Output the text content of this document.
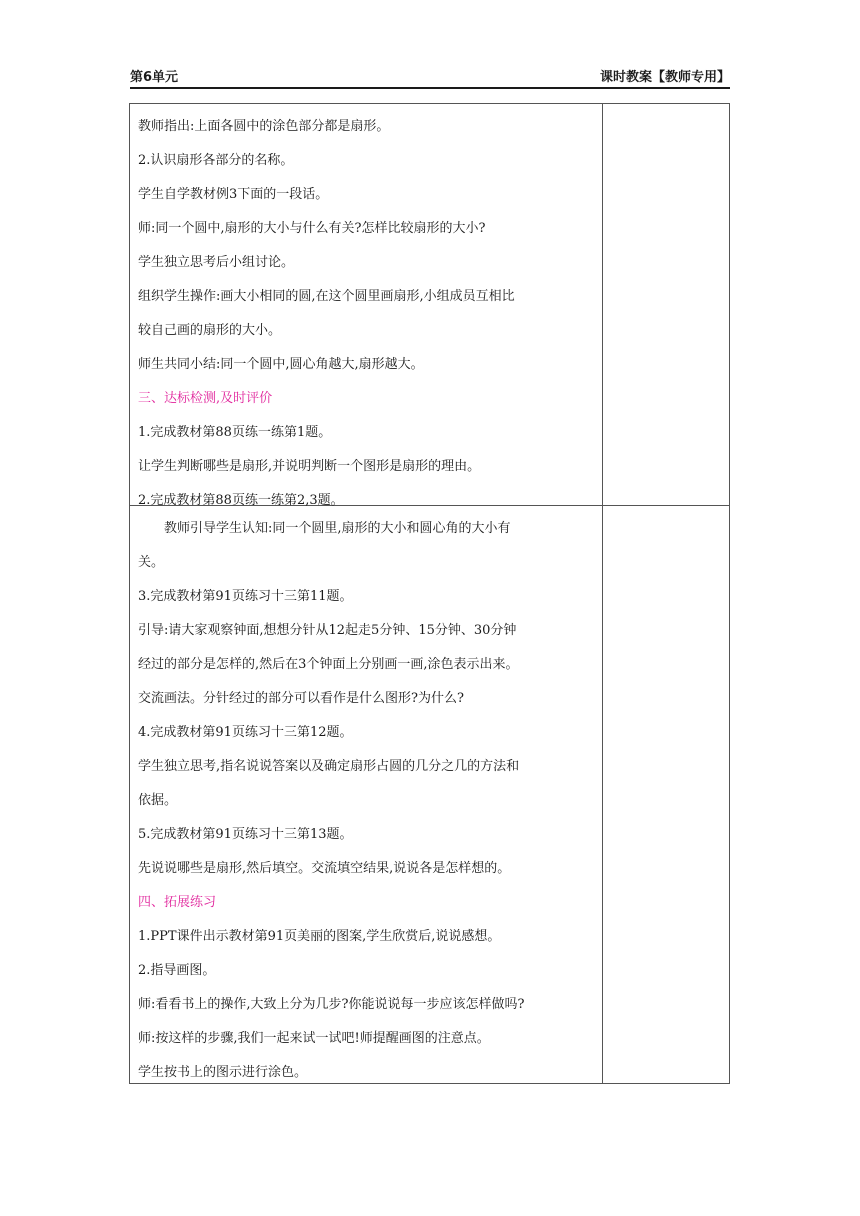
第6单元	课时教案【教师专用】
教师指出:上面各圆中的涂色部分都是扇形。
2.认识扇形各部分的名称。
学生自学教材例3下面的一段话。
师:同一个圆中,扇形的大小与什么有关?怎样比较扇形的大小?
学生独立思考后小组讨论。
组织学生操作:画大小相同的圆,在这个圆里画扇形,小组成员互相比
较自己画的扇形的大小。
师生共同小结:同一个圆中,圆心角越大,扇形越大。
三、达标检测,及时评价
1.完成教材第88页练一练第1题。
让学生判断哪些是扇形,并说明判断一个图形是扇形的理由。
2.完成教材第88页练一练第2,3题。
教师引导学生认知:同一个圆里,扇形的大小和圆心角的大小有
关。
3.完成教材第91页练习十三第11题。
引导:请大家观察钟面,想想分针从12起走5分钟、15分钟、30分钟
经过的部分是怎样的,然后在3个钟面上分别画一画,涂色表示出来。
交流画法。分针经过的部分可以看作是什么图形?为什么?
4.完成教材第91页练习十三第12题。
学生独立思考,指名说说答案以及确定扇形占圆的几分之几的方法和
依据。
5.完成教材第91页练习十三第13题。
先说说哪些是扇形,然后填空。交流填空结果,说说各是怎样想的。
四、拓展练习
1.PPT课件出示教材第91页美丽的图案,学生欣赏后,说说感想。
2.指导画图。
师:看看书上的操作,大致上分为几步?你能说说每一步应该怎样做吗?
师:按这样的步骤,我们一起来试一试吧!师提醒画图的注意点。
学生按书上的图示进行涂色。
